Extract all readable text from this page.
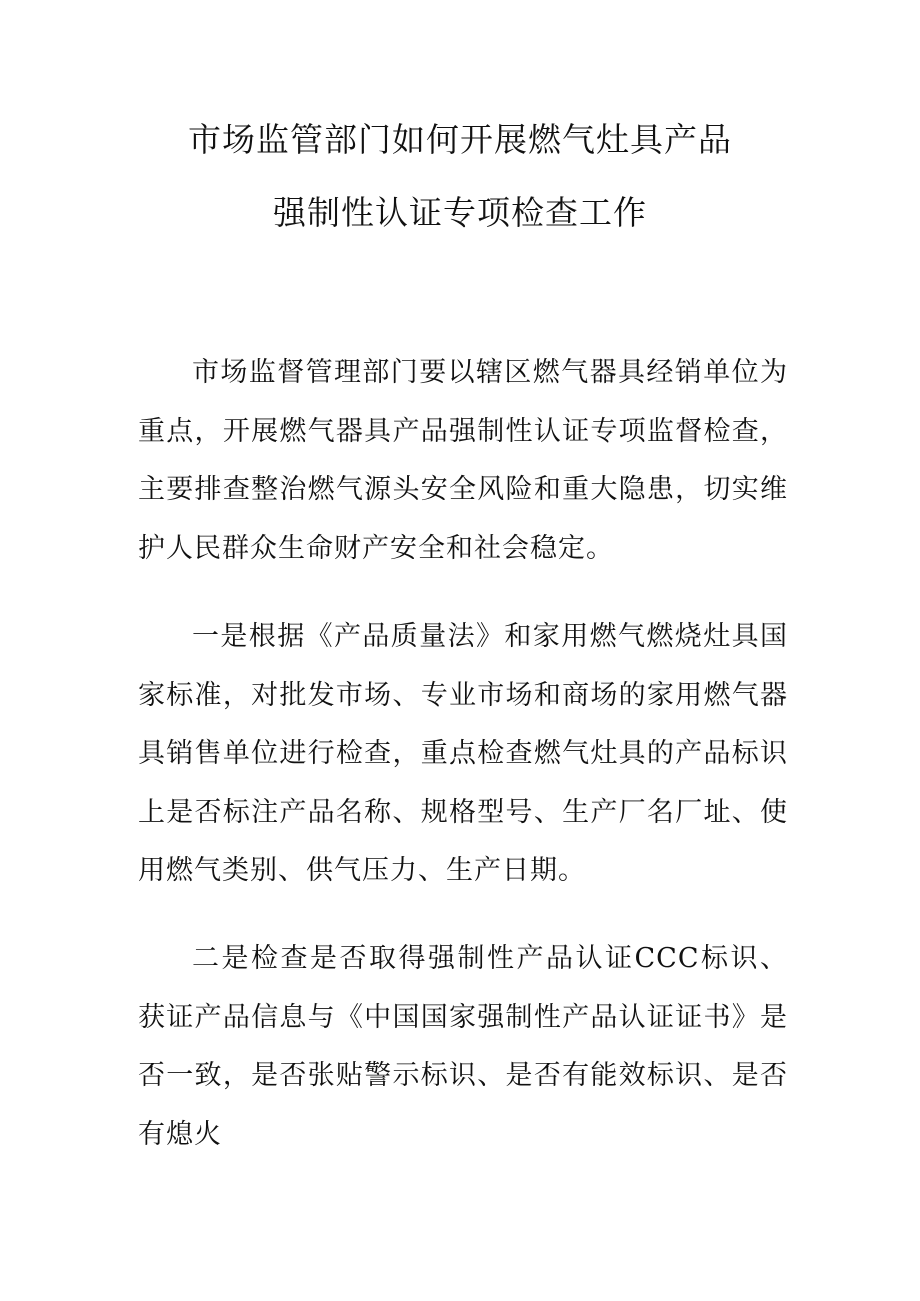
市场监管部门如何开展燃气灶具产品
强制性认证专项检查工作

市场监督管理部门要以辖区燃气器具经销单位为重点，开展燃气器具产品强制性认证专项监督检查，主要排查整治燃气源头安全风险和重大隐患，切实维护人民群众生命财产安全和社会稳定。

一是根据《产品质量法》和家用燃气燃烧灶具国家标准，对批发市场、专业市场和商场的家用燃气器具销售单位进行检查，重点检查燃气灶具的产品标识上是否标注产品名称、规格型号、生产厂名厂址、使用燃气类别、供气压力、生产日期。

二是检查是否取得强制性产品认证CCC标识、获证产品信息与《中国国家强制性产品认证证书》是否一致，是否张贴警示标识、是否有能效标识、是否有熄火
